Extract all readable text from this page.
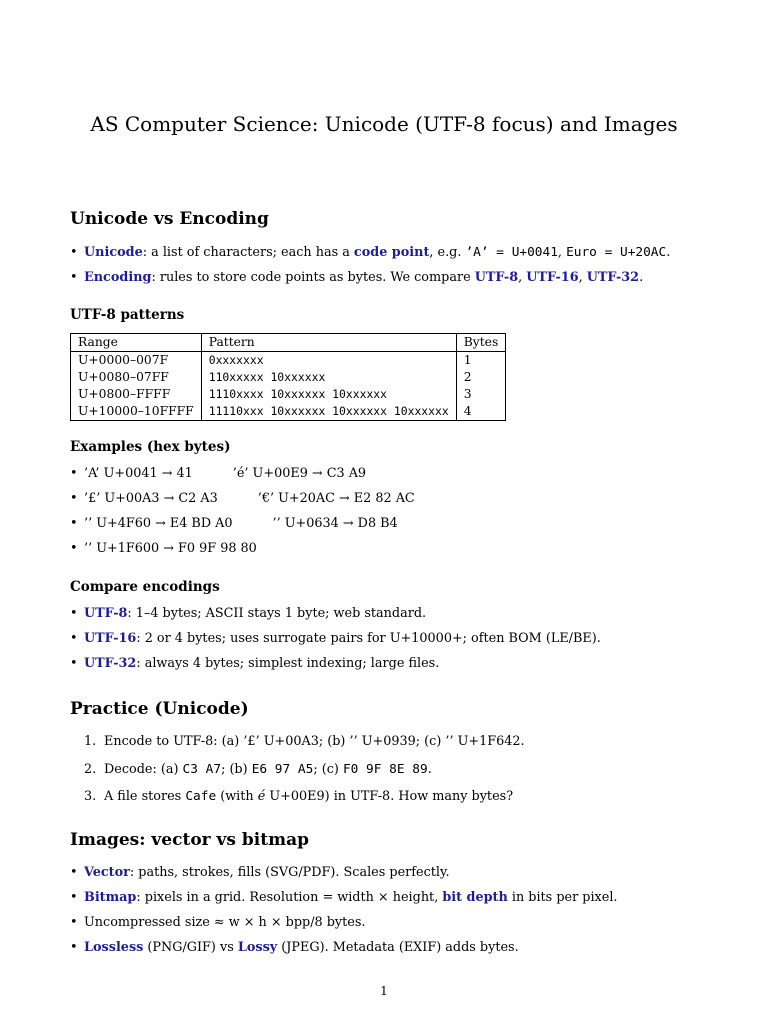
AS Computer Science: Unicode (UTF-8 focus) and Images
Unicode vs Encoding
• Unicode: a list of characters; each has a code point, e.g. ’A’ = U+0041, Euro = U+20AC.
• Encoding: rules to store code points as bytes. We compare UTF-8, UTF-16, UTF-32.
UTF-8 patterns
Range	Pattern	Bytes
U+0000–007F	0xxxxxxx	1
U+0080–07FF	110xxxxx 10xxxxxx	2
U+0800–FFFF	1110xxxx 10xxxxxx 10xxxxxx	3
U+10000–10FFFF	11110xxx 10xxxxxx 10xxxxxx 10xxxxxx	4
Examples (hex bytes)
• ’A’ U+0041 → 41	’é’ U+00E9 → C3 A9
• ’£’ U+00A3 → C2 A3	’€’ U+20AC → E2 82 AC
• ’’ U+4F60 → E4 BD A0	’’ U+0634 → D8 B4
• ’’ U+1F600 → F0 9F 98 80
Compare encodings
• UTF-8: 1–4 bytes; ASCII stays 1 byte; web standard.
• UTF-16: 2 or 4 bytes; uses surrogate pairs for U+10000+; often BOM (LE/BE).
• UTF-32: always 4 bytes; simplest indexing; large files.
Practice (Unicode)
1. Encode to UTF-8: (a) ’£’ U+00A3; (b) ’’ U+0939; (c) ’’ U+1F642.
2. Decode: (a) C3 A7; (b) E6 97 A5; (c) F0 9F 8E 89.
3. A file stores Cafe (with é U+00E9) in UTF-8. How many bytes?
Images: vector vs bitmap
• Vector: paths, strokes, fills (SVG/PDF). Scales perfectly.
• Bitmap: pixels in a grid. Resolution = width × height, bit depth in bits per pixel.
• Uncompressed size ≈ w × h × bpp/8 bytes.
• Lossless (PNG/GIF) vs Lossy (JPEG). Metadata (EXIF) adds bytes.
1
